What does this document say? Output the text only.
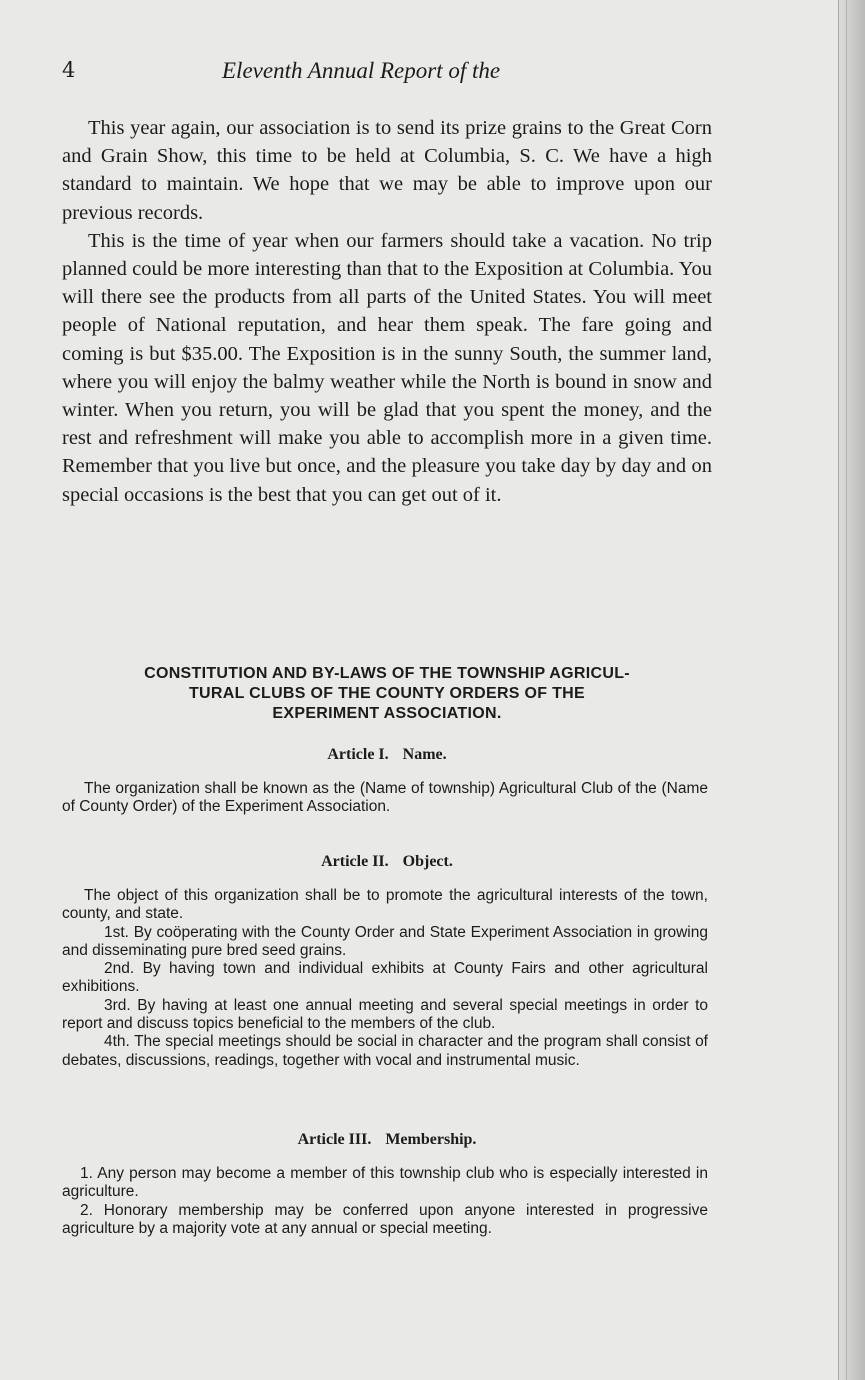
4	Eleventh Annual Report of the

This year again, our association is to send its prize grains to the Great Corn and Grain Show, this time to be held at Columbia, S. C. We have a high standard to maintain. We hope that we may be able to improve upon our previous records.

This is the time of year when our farmers should take a vacation. No trip planned could be more interesting than that to the Exposition at Columbia. You will there see the products from all parts of the United States. You will meet people of National reputation, and hear them speak. The fare going and coming is but $35.00. The Exposition is in the sunny South, the summer land, where you will enjoy the balmy weather while the North is bound in snow and winter. When you return, you will be glad that you spent the money, and the rest and refreshment will make you able to accomplish more in a given time. Remember that you live but once, and the pleasure you take day by day and on special occasions is the best that you can get out of it.

CONSTITUTION AND BY-LAWS OF THE TOWNSHIP AGRICUL-
TURAL CLUBS OF THE COUNTY ORDERS OF THE
EXPERIMENT ASSOCIATION.
Article I. Name.

The organization shall be known as the (Name of township) Agricultural Club of the (Name of County Order) of the Experiment Association.

Article II. Object.

The object of this organization shall be to promote the agricultural interests of the town, county, and state.

1st. By coöperating with the County Order and State Experiment Association in growing and disseminating pure bred seed grains.

2nd. By having town and individual exhibits at County Fairs and other agricultural exhibitions.

3rd. By having at least one annual meeting and several special meetings in order to report and discuss topics beneficial to the members of the club.

4th. The special meetings should be social in character and the program shall consist of debates, discussions, readings, together with vocal and instrumental music.

Article III. Membership.

1. Any person may become a member of this township club who is especially interested in agriculture.

2. Honorary membership may be conferred upon anyone interested in progressive agriculture by a majority vote at any annual or special meeting.
